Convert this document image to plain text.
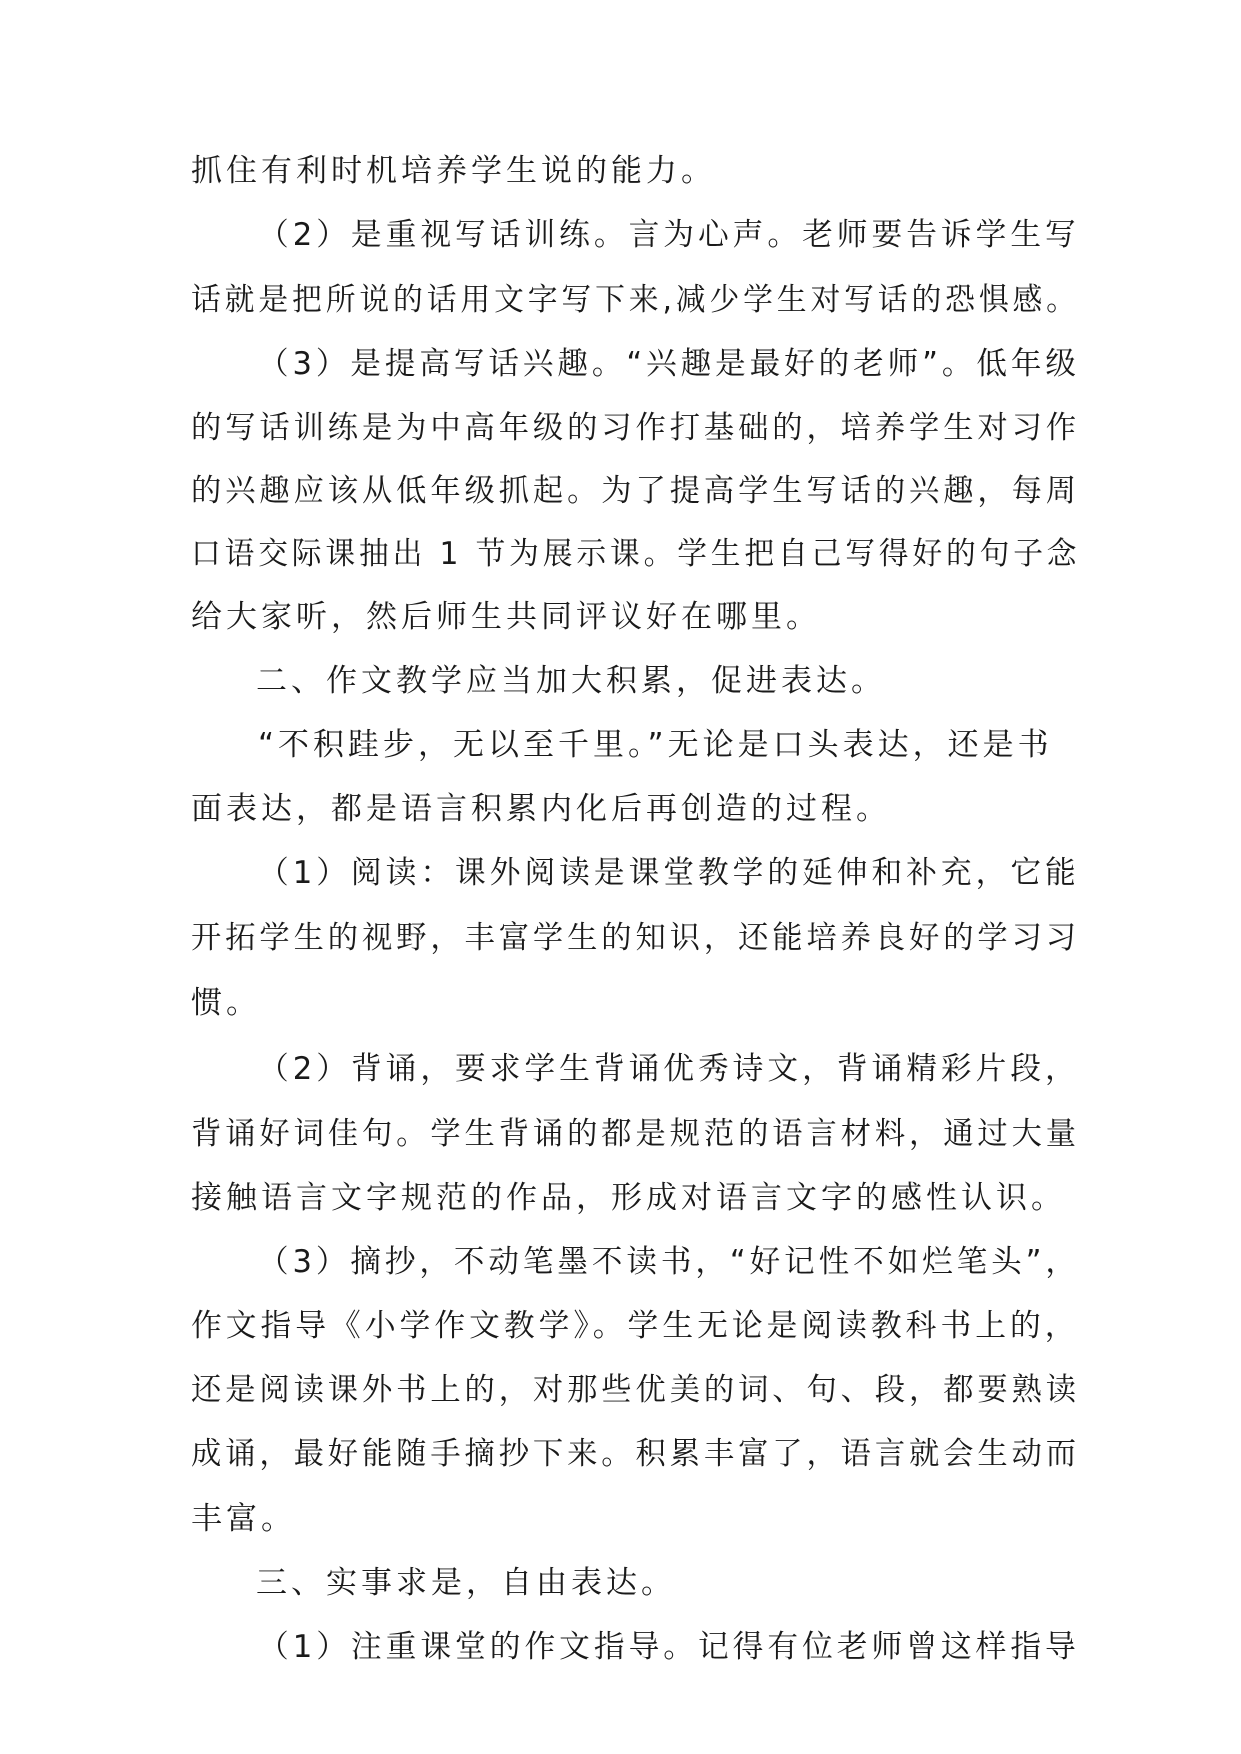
抓住有利时机培养学生说的能力。
（2）是重视写话训练。言为心声。老师要告诉学生写
话就是把所说的话用文字写下来,减少学生对写话的恐惧感。
（3）是提高写话兴趣。“兴趣是最好的老师”。低年级
的写话训练是为中高年级的习作打基础的，培养学生对习作
的兴趣应该从低年级抓起。为了提高学生写话的兴趣，每周
口语交际课抽出 1 节为展示课。学生把自己写得好的句子念
给大家听，然后师生共同评议好在哪里。
二、作文教学应当加大积累，促进表达。
“不积跬步，无以至千里。”无论是口头表达，还是书
面表达，都是语言积累内化后再创造的过程。
（1）阅读：课外阅读是课堂教学的延伸和补充，它能
开拓学生的视野，丰富学生的知识，还能培养良好的学习习
惯。
（2）背诵，要求学生背诵优秀诗文，背诵精彩片段，
背诵好词佳句。学生背诵的都是规范的语言材料，通过大量
接触语言文字规范的作品，形成对语言文字的感性认识。
（3）摘抄，不动笔墨不读书，“好记性不如烂笔头”，
作文指导《小学作文教学》。学生无论是阅读教科书上的，
还是阅读课外书上的，对那些优美的词、句、段，都要熟读
成诵，最好能随手摘抄下来。积累丰富了，语言就会生动而
丰富。
三、实事求是，自由表达。
（1）注重课堂的作文指导。记得有位老师曾这样指导
